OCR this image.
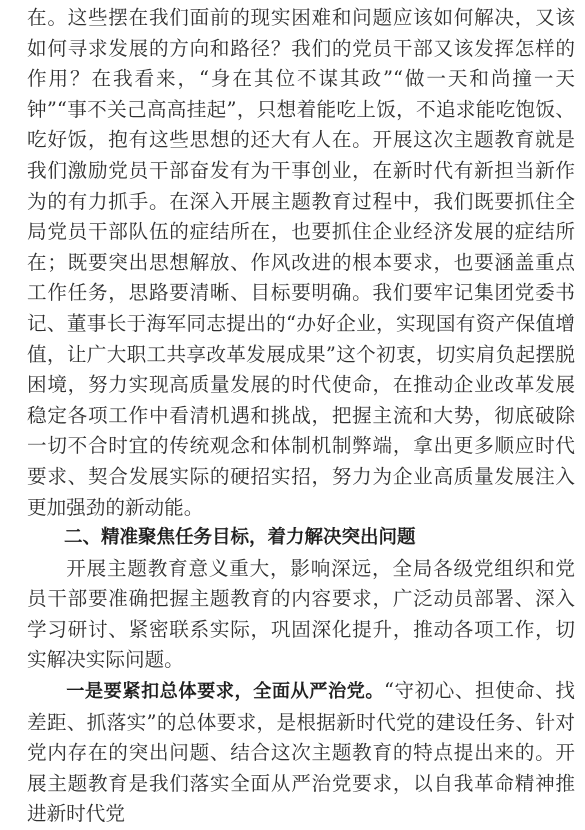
在。这些摆在我们面前的现实困难和问题应该如何解决，又该如何寻求发展的方向和路径？我们的党员干部又该发挥怎样的作用？在我看来，“身在其位不谋其政”“做一天和尚撞一天钟”“事不关己高高挂起”，只想着能吃上饭，不追求能吃饱饭、吃好饭，抱有这些思想的还大有人在。开展这次主题教育就是我们激励党员干部奋发有为干事创业，在新时代有新担当新作为的有力抓手。在深入开展主题教育过程中，我们既要抓住全局党员干部队伍的症结所在，也要抓住企业经济发展的症结所在；既要突出思想解放、作风改进的根本要求，也要涵盖重点工作任务，思路要清晰、目标要明确。我们要牢记集团党委书记、董事长于海军同志提出的“办好企业，实现国有资产保值增值，让广大职工共享改革发展成果”这个初衷，切实肩负起摆脱困境，努力实现高质量发展的时代使命，在推动企业改革发展稳定各项工作中看清机遇和挑战，把握主流和大势，彻底破除一切不合时宜的传统观念和体制机制弊端，拿出更多顺应时代要求、契合发展实际的硬招实招，努力为企业高质量发展注入更加强劲的新动能。

二、精准聚焦任务目标，着力解决突出问题

开展主题教育意义重大，影响深远，全局各级党组织和党员干部要准确把握主题教育的内容要求，广泛动员部署、深入学习研讨、紧密联系实际，巩固深化提升，推动各项工作，切实解决实际问题。

一是要紧扣总体要求，全面从严治党。“守初心、担使命、找差距、抓落实”的总体要求，是根据新时代党的建设任务、针对党内存在的突出问题、结合这次主题教育的特点提出来的。开展主题教育是我们落实全面从严治党要求，以自我革命精神推进新时代党
